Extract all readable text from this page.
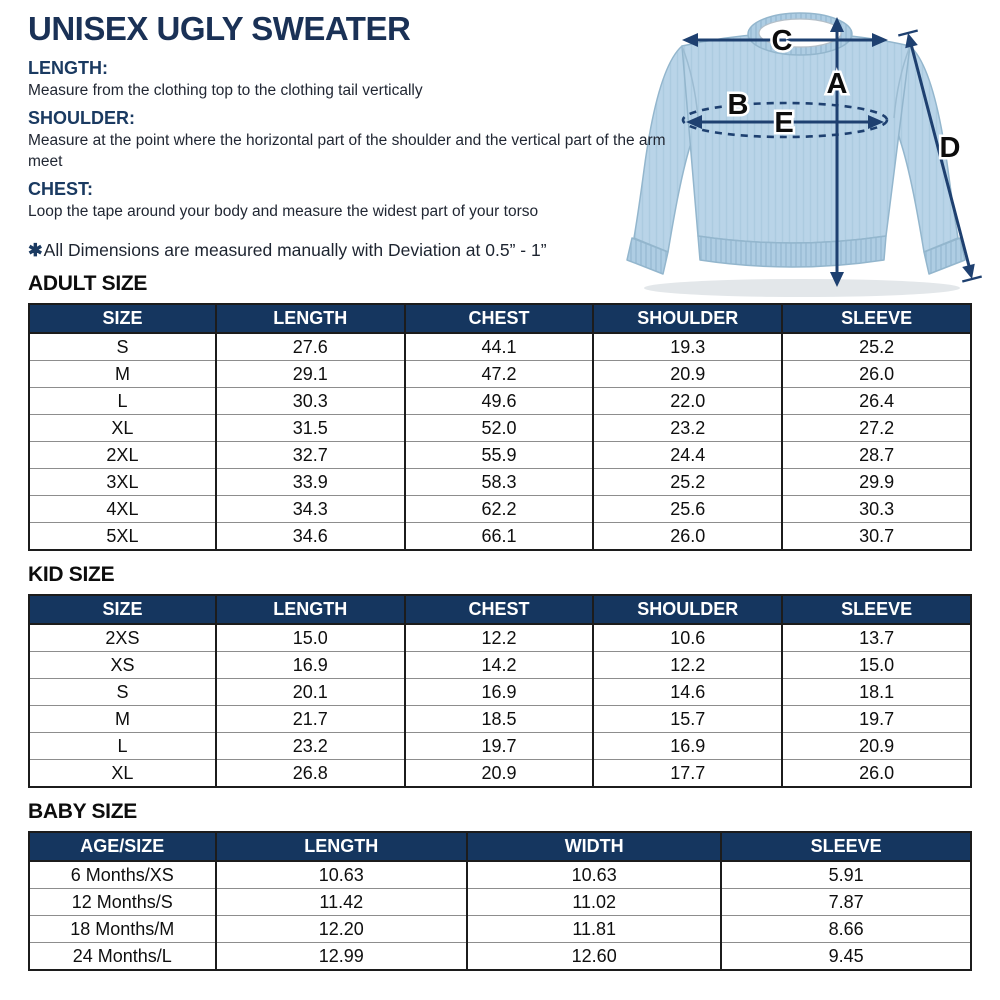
UNISEX UGLY SWEATER
LENGTH:

Measure from the clothing top to the clothing tail vertically

SHOULDER:

Measure at the point where the horizontal part of the shoulder and the vertical part of the arm meet

CHEST:

Loop the tape around your body and measure the widest part of your torso

✱All Dimensions are measured manually with Deviation at 0.5” - 1”

C
A
B
E
D
ADULT SIZE
SIZE	LENGTH	CHEST	SHOULDER	SLEEVE
S	27.6	44.1	19.3	25.2
M	29.1	47.2	20.9	26.0
L	30.3	49.6	22.0	26.4
XL	31.5	52.0	23.2	27.2
2XL	32.7	55.9	24.4	28.7
3XL	33.9	58.3	25.2	29.9
4XL	34.3	62.2	25.6	30.3
5XL	34.6	66.1	26.0	30.7
KID SIZE
SIZE	LENGTH	CHEST	SHOULDER	SLEEVE
2XS	15.0	12.2	10.6	13.7
XS	16.9	14.2	12.2	15.0
S	20.1	16.9	14.6	18.1
M	21.7	18.5	15.7	19.7
L	23.2	19.7	16.9	20.9
XL	26.8	20.9	17.7	26.0
BABY SIZE
AGE/SIZE	LENGTH	WIDTH	SLEEVE
6 Months/XS	10.63	10.63	5.91
12 Months/S	11.42	11.02	7.87
18 Months/M	12.20	11.81	8.66
24 Months/L	12.99	12.60	9.45
